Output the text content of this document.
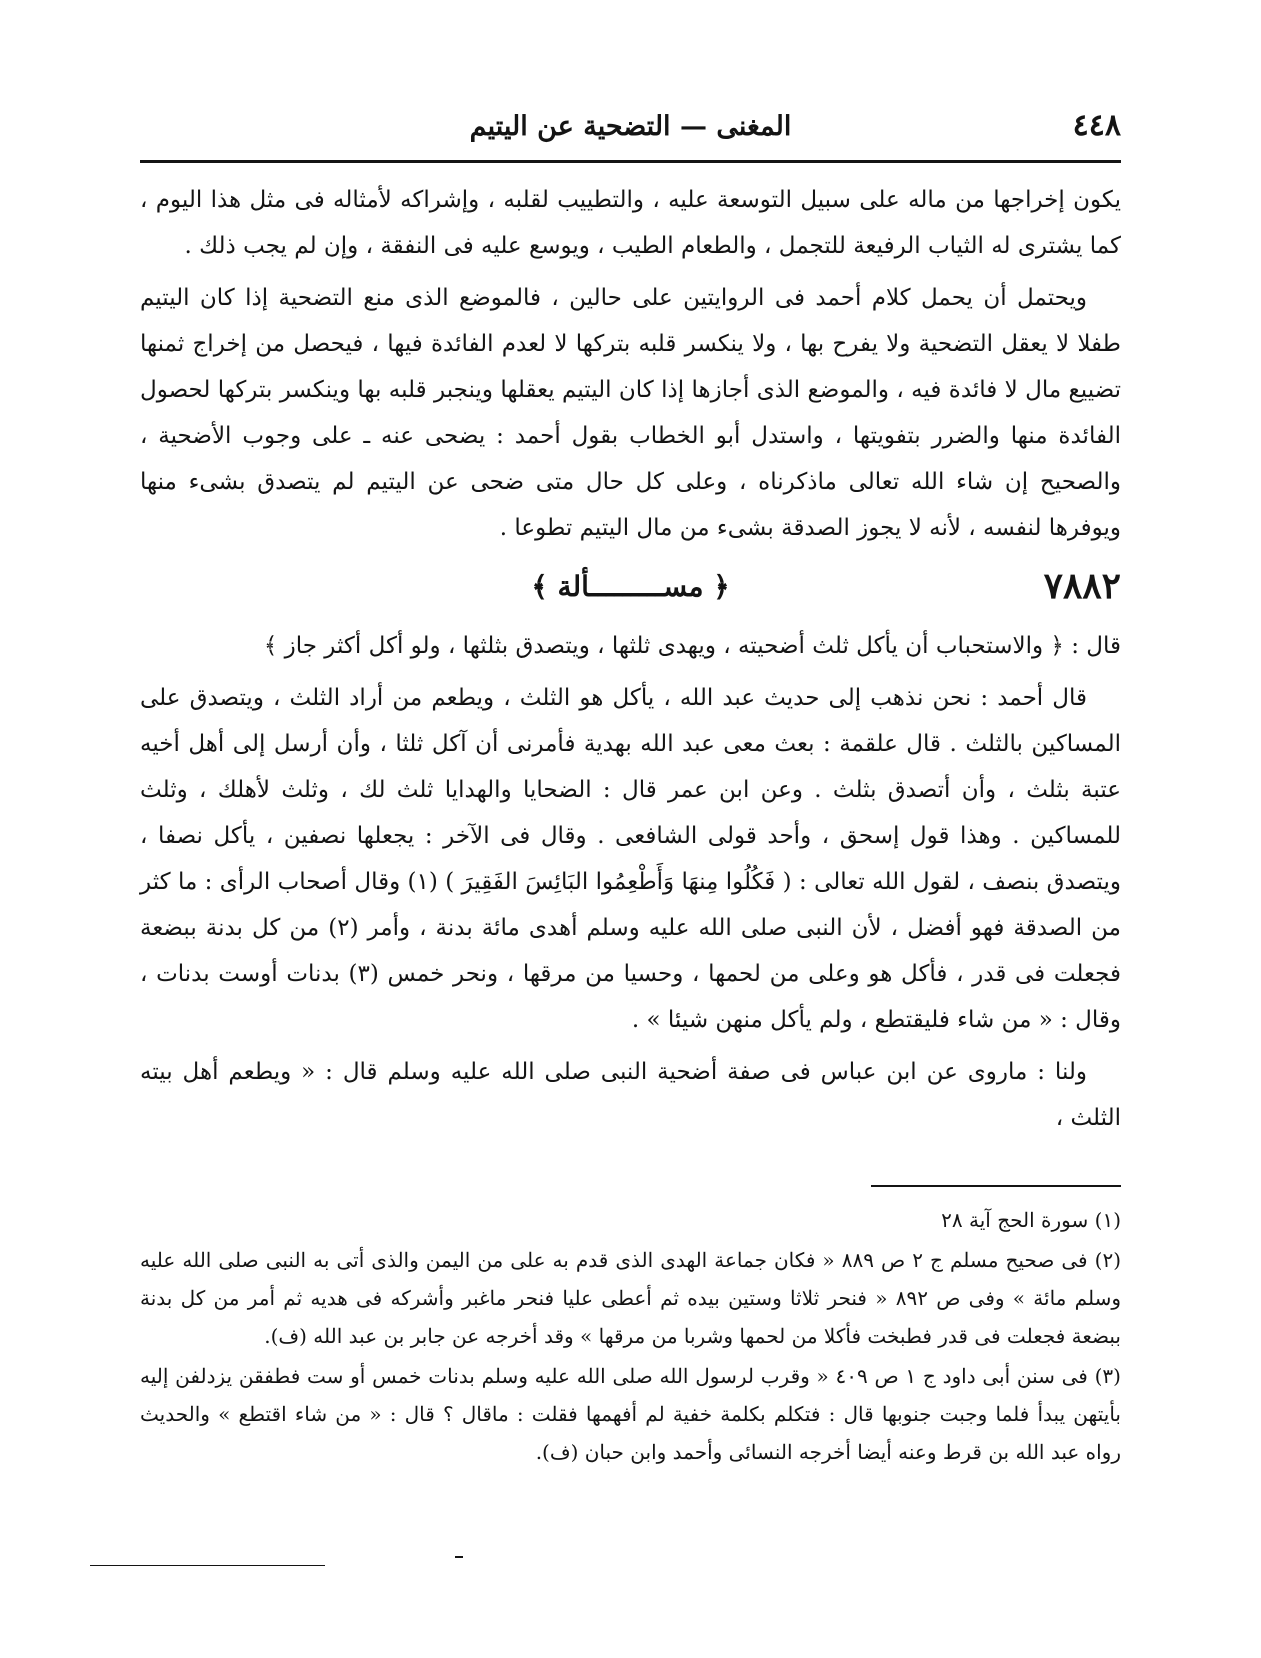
٤٤٨
المغنى — التضحية عن اليتيم

يكون إخراجها من ماله على سبيل التوسعة عليه ، والتطييب لقلبه ، وإشراكه لأمثاله فى مثل هذا اليوم ، كما يشترى له الثياب الرفيعة للتجمل ، والطعام الطيب ، ويوسع عليه فى النفقة ، وإن لم يجب ذلك .

ويحتمل أن يحمل كلام أحمد فى الروايتين على حالين ، فالموضع الذى منع التضحية إذا كان اليتيم طفلا لا يعقل التضحية ولا يفرح بها ، ولا ينكسر قلبه بتركها لا لعدم الفائدة فيها ، فيحصل من إخراج ثمنها تضييع مال لا فائدة فيه ، والموضع الذى أجازها إذا كان اليتيم يعقلها وينجبر قلبه بها وينكسر بتركها لحصول الفائدة منها والضرر بتفويتها ، واستدل أبو الخطاب بقول أحمد : يضحى عنه ـ على وجوب الأضحية ، والصحيح إن شاء الله تعالى ماذكرناه ، وعلى كل حال متى ضحى عن اليتيم لم يتصدق بشىء منها ويوفرها لنفسه ، لأنه لا يجوز الصدقة بشىء من مال اليتيم تطوعا .

٧٨٨٢
﴿ مســـــــــألة ﴾

قال : ﴿ والاستحباب أن يأكل ثلث أضحيته ، ويهدى ثلثها ، ويتصدق بثلثها ، ولو أكل أكثر جاز ﴾

قال أحمد : نحن نذهب إلى حديث عبد الله ، يأكل هو الثلث ، ويطعم من أراد الثلث ، ويتصدق على المساكين بالثلث . قال علقمة : بعث معى عبد الله بهدية فأمرنى أن آكل ثلثا ، وأن أرسل إلى أهل أخيه عتبة بثلث ، وأن أتصدق بثلث . وعن ابن عمر قال : الضحايا والهدايا ثلث لك ، وثلث لأهلك ، وثلث للمساكين . وهذا قول إسحق ، وأحد قولى الشافعى . وقال فى الآخر : يجعلها نصفين ، يأكل نصفا ، ويتصدق بنصف ، لقول الله تعالى : ( فَكُلُوا مِنهَا وَأَطْعِمُوا البَائِسَ الفَقِيرَ ) (١) وقال أصحاب الرأى : ما كثر من الصدقة فهو أفضل ، لأن النبى صلى الله عليه وسلم أهدى مائة بدنة ، وأمر (٢) من كل بدنة ببضعة فجعلت فى قدر ، فأكل هو وعلى من لحمها ، وحسيا من مرقها ، ونحر خمس (٣) بدنات أوست بدنات ، وقال : « من شاء فليقتطع ، ولم يأكل منهن شيئا » .

ولنا : ماروى عن ابن عباس فى صفة أضحية النبى صلى الله عليه وسلم قال : « ويطعم أهل بيته الثلث ،

(١) سورة الحج آية ٢٨

(٢) فى صحيح مسلم ج ٢ ص ٨٨٩ « فكان جماعة الهدى الذى قدم به على من اليمن والذى أتى به النبى صلى الله عليه وسلم مائة » وفى ص ٨٩٢ « فنحر ثلاثا وستين بيده ثم أعطى عليا فنحر ماغبر وأشركه فى هديه ثم أمر من كل بدنة ببضعة فجعلت فى قدر فطبخت فأكلا من لحمها وشربا من مرقها » وقد أخرجه عن جابر بن عبد الله (ف).

(٣) فى سنن أبى داود ج ١ ص ٤٠٩ « وقرب لرسول الله صلى الله عليه وسلم بدنات خمس أو ست فطفقن يزدلفن إليه بأيتهن يبدأ فلما وجبت جنوبها قال : فتكلم بكلمة خفية لم أفهمها فقلت : ماقال ؟ قال : « من شاء اقتطع » والحديث رواه عبد الله بن قرط وعنه أيضا أخرجه النسائى وأحمد وابن حبان (ف).
